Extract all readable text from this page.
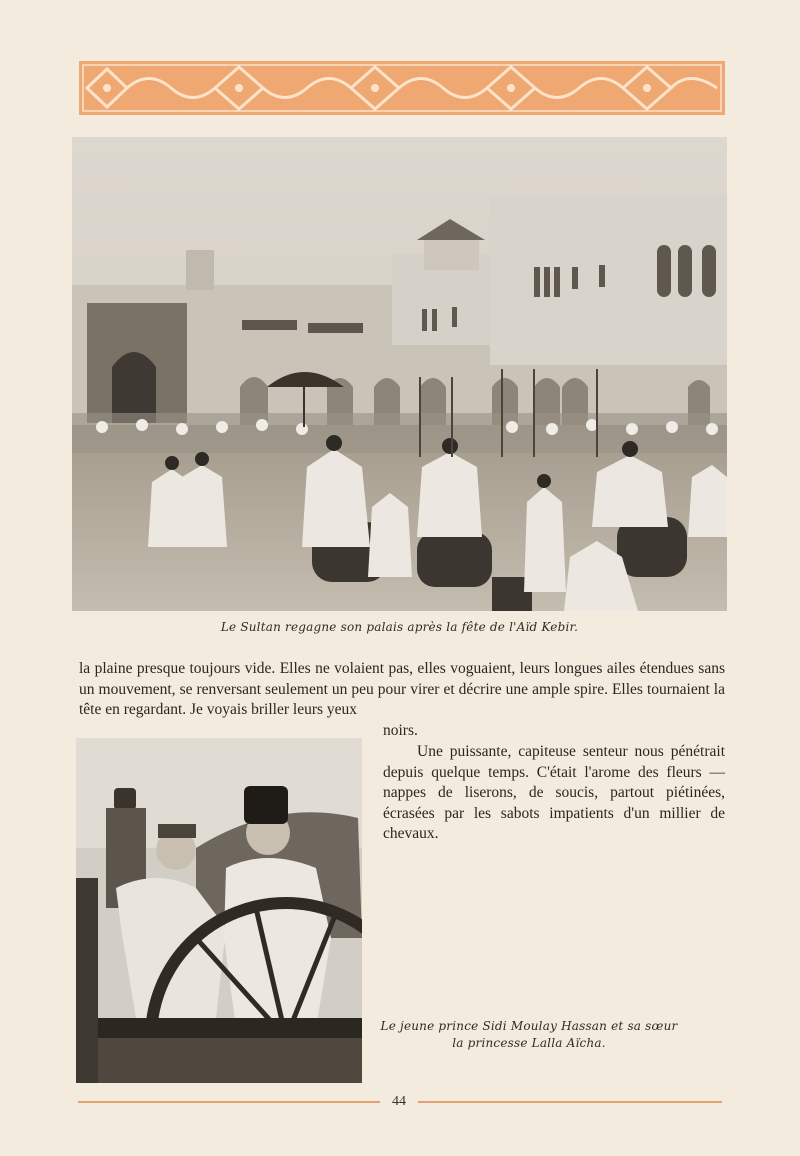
Le Sultan regagne son palais après la fête de l'Aïd Kebir.
la plaine presque toujours vide. Elles ne volaient pas, elles voguaient, leurs longues ailes étendues sans un mouvement, se renversant seulement un peu pour virer et décrire une ample spire. Elles tournaient la tête en regardant. Je voyais briller leurs yeux
noirs.
Une puissante, capiteuse senteur nous pénétrait depuis quelque temps. C'était l'arome des fleurs — nappes de liserons, de soucis, partout piétinées, écrasées par les sabots impatients d'un millier de chevaux.
Le jeune prince Sidi Moulay Hassan et sa sœur
la princesse Lalla Aïcha.
44
